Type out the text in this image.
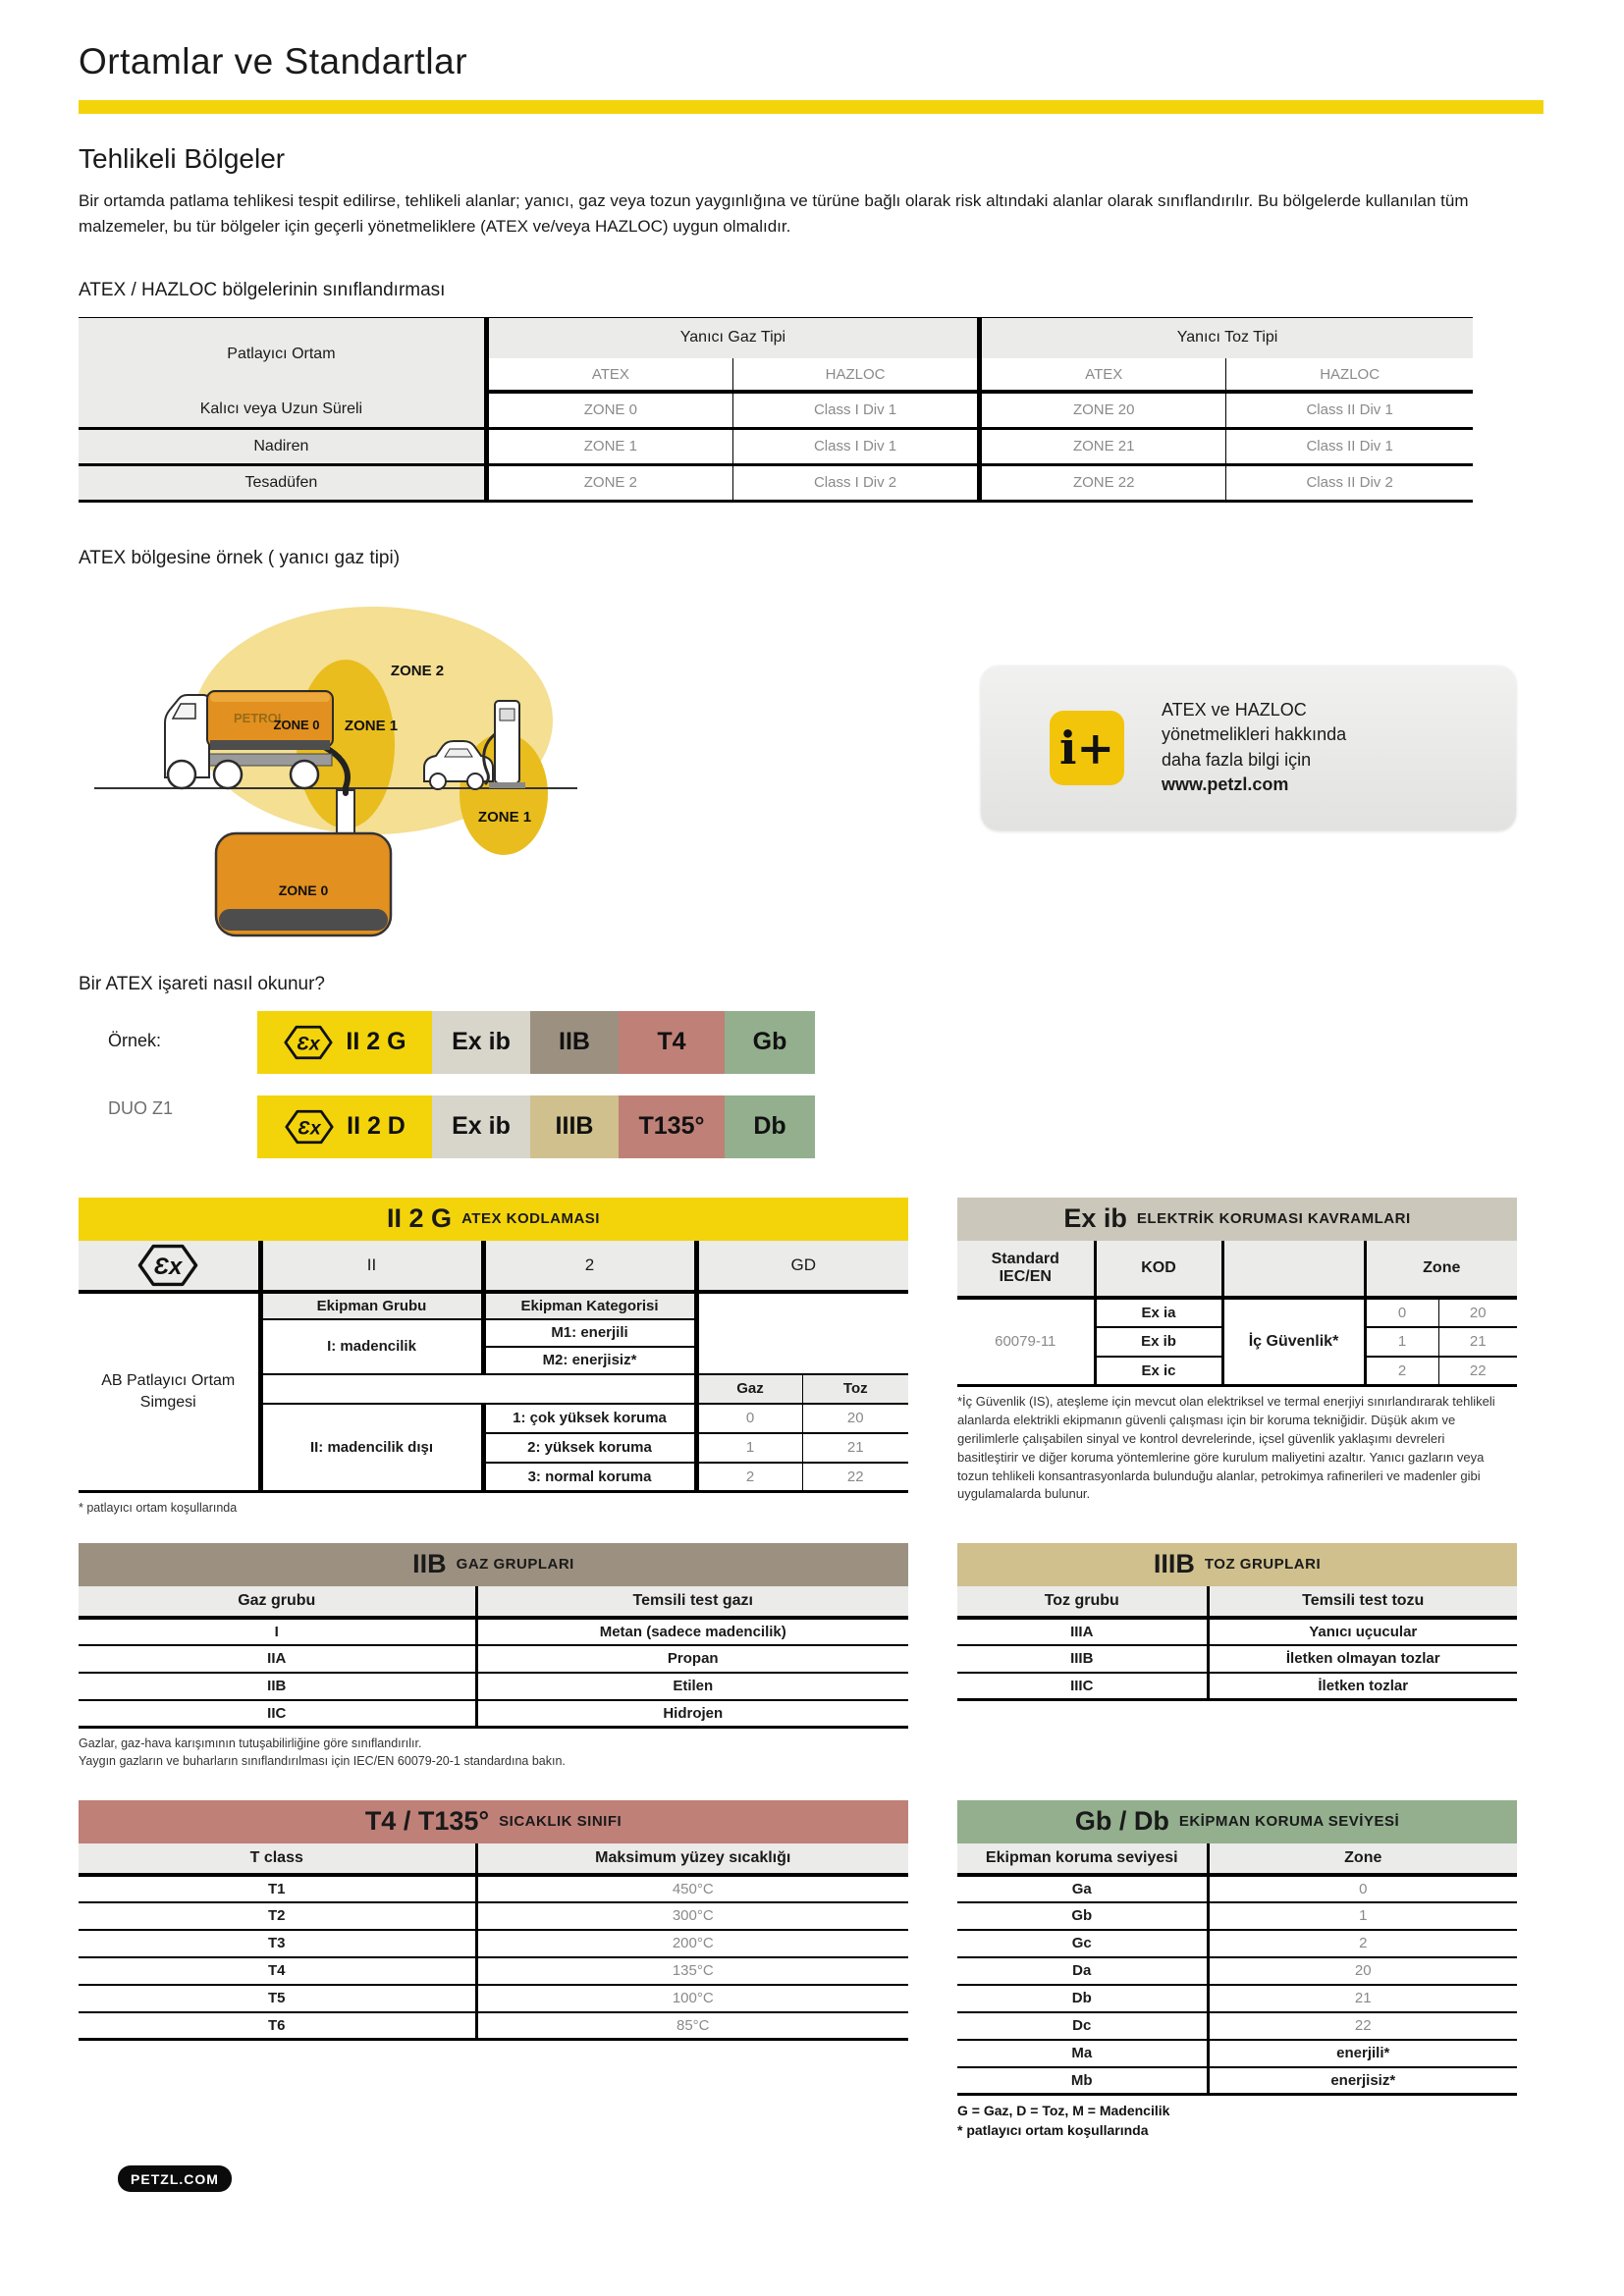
Ortamlar ve Standartlar
Tehlikeli Bölgeler

Bir ortamda patlama tehlikesi tespit edilirse, tehlikeli alanlar; yanıcı, gaz veya tozun yaygınlığına ve türüne bağlı olarak risk altındaki alanlar olarak sınıflandırılır. Bu bölgelerde kullanılan tüm malzemeler, bu tür bölgeler için geçerli yönetmeliklere (ATEX ve/veya HAZLOC) uygun olmalıdır.

ATEX / HAZLOC bölgelerinin sınıflandırması
Patlayıcı Ortam	Yanıcı Gaz Tipi		Yanıcı Toz Tipi	
	ATEX	HAZLOC	ATEX	HAZLOC
Kalıcı veya Uzun Süreli	ZONE 0	Class I Div 1	ZONE 20	Class II Div 1
Nadiren	ZONE 1	Class I Div 1	ZONE 21	Class II Div 1
Tesadüfen	ZONE 2	Class I Div 2	ZONE 22	Class II Div 2
ATEX bölgesine örnek ( yanıcı gaz tipi)
ZONE 0
PETROL
ZONE 0
ZONE 2
ZONE 1
ZONE 1
i+
ATEX ve HAZLOC
yönetmelikleri hakkında
daha fazla bilgi için
www.petzl.com
Bir ATEX işareti nasıl okunur?
Örnek:
DUO Z1
Ɛx II 2 G	Ex ib	IIB	T4	Gb
Ɛx II 2 D	Ex ib	IIIB	T135°	Db
II 2 G ATEX KODLAMASI
Ɛx	II	2	GD	
AB Patlayıcı Ortam Simgesi	Ekipman Grubu	Ekipman Kategorisi		
	I: madencilik	M1: enerjili		
		M2: enerjisiz*		
			Gaz	Toz
	II: madencilik dışı	1: çok yüksek koruma	0	20
		2: yüksek koruma	1	21
		3: normal koruma	2	22
* patlayıcı ortam koşullarında
Ex ib ELEKTRİK KORUMASI KAVRAMLARI
Standard IEC/EN	KOD		Zone	
60079-11	Ex ia	İç Güvenlik*	0	20
	Ex ib		1	21
	Ex ic		2	22
*İç Güvenlik (IS), ateşleme için mevcut olan elektriksel ve termal enerjiyi sınırlandırarak tehlikeli alanlarda elektrikli ekipmanın güvenli çalışması için bir koruma tekniğidir. Düşük akım ve gerilimlerle çalışabilen sinyal ve kontrol devrelerinde, içsel güvenlik yaklaşımı devreleri basitleştirir ve diğer koruma yöntemlerine göre kurulum maliyetini azaltır. Yanıcı gazların veya tozun tehlikeli konsantrasyonlarda bulunduğu alanlar, petrokimya rafinerileri ve madenler gibi uygulamalarda bulunur.
IIB GAZ GRUPLARI
Gaz grubu	Temsili test gazı
I	Metan (sadece madencilik)
IIA	Propan
IIB	Etilen
IIC	Hidrojen
Gazlar, gaz-hava karışımının tutuşabilirliğine göre sınıflandırılır.
Yaygın gazların ve buharların sınıflandırılması için IEC/EN 60079-20-1 standardına bakın.
IIIB TOZ GRUPLARI
Toz grubu	Temsili test tozu
IIIA	Yanıcı uçucular
IIIB	İletken olmayan tozlar
IIIC	İletken tozlar
T4 / T135° SICAKLIK SINIFI
T class	Maksimum yüzey sıcaklığı
T1	450°C
T2	300°C
T3	200°C
T4	135°C
T5	100°C
T6	85°C
Gb / Db EKİPMAN KORUMA SEVİYESİ
Ekipman koruma seviyesi	Zone
Ga	0
Gb	1
Gc	2
Da	20
Db	21
Dc	22
Ma	enerjili*
Mb	enerjisiz*
G = Gaz, D = Toz, M = Madencilik
* patlayıcı ortam koşullarında
PETZL.COM
